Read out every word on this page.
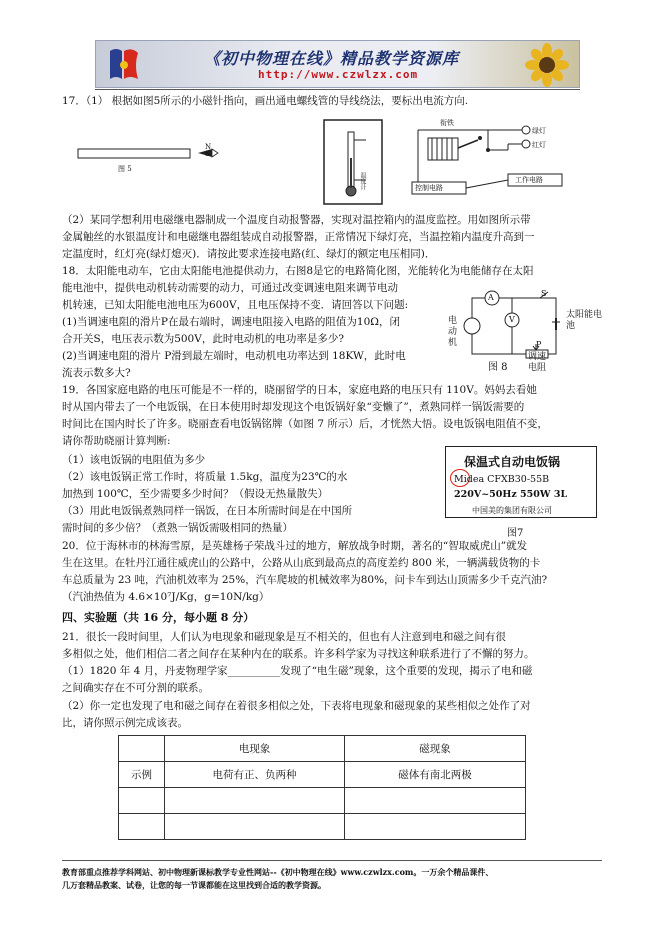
《初中物理在线》精品教学资源库
http://www.czwlzx.com
17．（1） 根据如图5所示的小磁针指向，画出通电螺线管的导线绕法，要标出电流方向.
N
S
图 5
温度计
衔铁
绿灯
红灯
控制电路
工作电路
（2）某同学想利用电磁继电器制成一个温度自动报警器，实现对温控箱内的温度监控。用如图所示带
金属触丝的水银温度计和电磁继电器组装成自动报警器，正常情况下绿灯亮，当温控箱内温度升高到一
定温度时，红灯亮(绿灯熄灭)．请按此要求连接电路(红、绿灯的额定电压相同)．
18．太阳能电动车，它由太阳能电池提供动力，右图8是它的电路简化图，光能转化为电能储存在太阳
能电池中，提供电动机转动需要的动力，可通过改变调速电阻来调节电动
机转速，已知太阳能电池电压为600V，且电压保持不变．请回答以下问题:
(1)当调速电阻的滑片P在最右端时，调速电阻接入电路的阻值为10Ω，闭
合开关S，电压表示数为500V，此时电动机的电功率是多少?
(2)当调速电阻的滑片 P滑到最左端时，电动机电功率达到 18KW，此时电
流表示数多大?
A
V
S
P
电动机
太阳能电池
图 8
调速电阻
19．各国家庭电路的电压可能是不一样的，晓丽留学的日本，家庭电路的电压只有 110V。妈妈去看她
时从国内带去了一个电饭锅，在日本使用时却发现这个电饭锅好象“变懒了”，煮熟同样一锅饭需要的
时间比在国内时长了许多。晓丽查看电饭锅铭牌（如图 7 所示）后，才恍然大悟。设电饭锅电阻值不变，
请你帮助晓丽计算判断:
（1）该电饭锅的电阻值为多少
（2）该电饭锅正常工作时，将质量 1.5kg，温度为23℃的水
加热到 100℃，至少需要多少时间？（假设无热量散失）
（3）用此电饭锅煮熟同样一锅饭，在日本所需时间是在中国所
需时间的多少倍？（煮熟一锅饭需吸相同的热量）
保温式自动电饭锅
Midea CFXB30-55B
220V~50Hz 550W 3L
中国美的集团有限公司
图7
20．位于海林市的林海雪原，是英雄杨子荣战斗过的地方，解放战争时期，著名的“智取威虎山”就发
生在这里。在牡丹江通往威虎山的公路中，公路从山底到最高点的高度差约 800 米，一辆满载货物的卡
车总质量为 23 吨，汽油机效率为 25%，汽车爬坡的机械效率为80%，问卡车到达山顶需多少千克汽油?
（汽油热值为 4.6×10⁷J/Kg，g=10N/kg）
四、实验题（共 16 分，每小题 8 分）
21．很长一段时间里，人们认为电现象和磁现象是互不相关的，但也有人注意到电和磁之间有很
多相似之处，他们相信二者之间存在某种内在的联系。许多科学家为寻找这种联系进行了不懈的努力。
（1）1820 年 4 月，丹麦物理学家__________发现了“电生磁”现象，这个重要的发现，揭示了电和磁
之间确实存在不可分割的联系。
（2）你一定也发现了电和磁之间存在着很多相似之处，下表将电现象和磁现象的某些相似之处作了对
比，请你照示例完成该表。
	电现象	磁现象
示例	电荷有正、负两种	磁体有南北两极

教育部重点推荐学科网站、初中物理新课标教学专业性网站--《初中物理在线》www.czwlzx.com。一万余个精品课件、
几万套精品教案、试卷，让您的每一节课都能在这里找到合适的教学资源。
